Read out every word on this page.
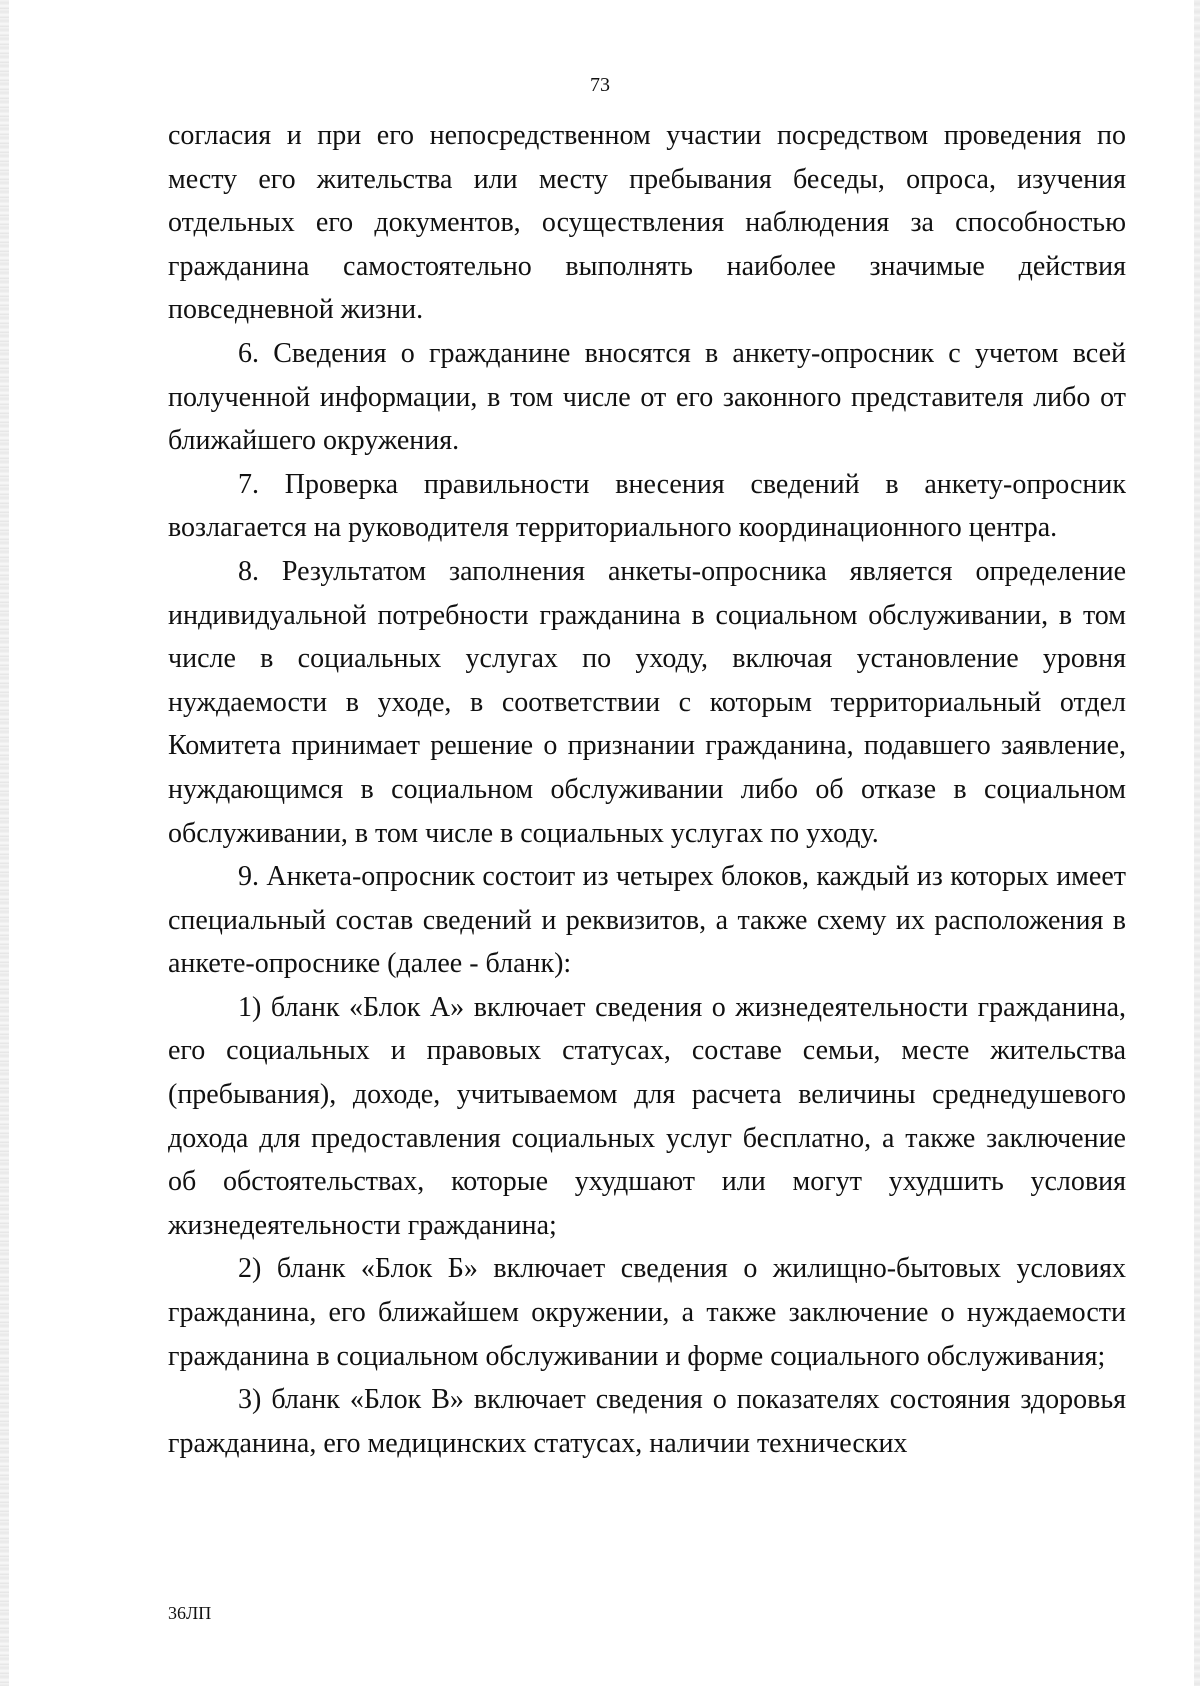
73

согласия и при его непосредственном участии посредством проведения по месту его жительства или месту пребывания беседы, опроса, изучения отдельных его документов, осуществления наблюдения за способностью гражданина самостоятельно выполнять наиболее значимые действия повседневной жизни.

6. Сведения о гражданине вносятся в анкету-опросник с учетом всей полученной информации, в том числе от его законного представителя либо от ближайшего окружения.

7. Проверка правильности внесения сведений в анкету-опросник возлагается на руководителя территориального координационного центра.

8. Результатом заполнения анкеты-опросника является определение индивидуальной потребности гражданина в социальном обслуживании, в том числе в социальных услугах по уходу, включая установление уровня нуждаемости в уходе, в соответствии с которым территориальный отдел Комитета принимает решение о признании гражданина, подавшего заявление, нуждающимся в социальном обслуживании либо об отказе в социальном обслуживании, в том числе в социальных услугах по уходу.

9. Анкета-опросник состоит из четырех блоков, каждый из которых имеет специальный состав сведений и реквизитов, а также схему их расположения в анкете-опроснике (далее - бланк):

1) бланк «Блок А» включает сведения о жизнедеятельности гражданина, его социальных и правовых статусах, составе семьи, месте жительства (пребывания), доходе, учитываемом для расчета величины среднедушевого дохода для предоставления социальных услуг бесплатно, а также заключение об обстоятельствах, которые ухудшают или могут ухудшить условия жизнедеятельности гражданина;

2) бланк «Блок Б» включает сведения о жилищно-бытовых условиях гражданина, его ближайшем окружении, а также заключение о нуждаемости гражданина в социальном обслуживании и форме социального обслуживания;

3) бланк «Блок В» включает сведения о показателях состояния здоровья гражданина, его медицинских статусах, наличии технических

36ЛП
